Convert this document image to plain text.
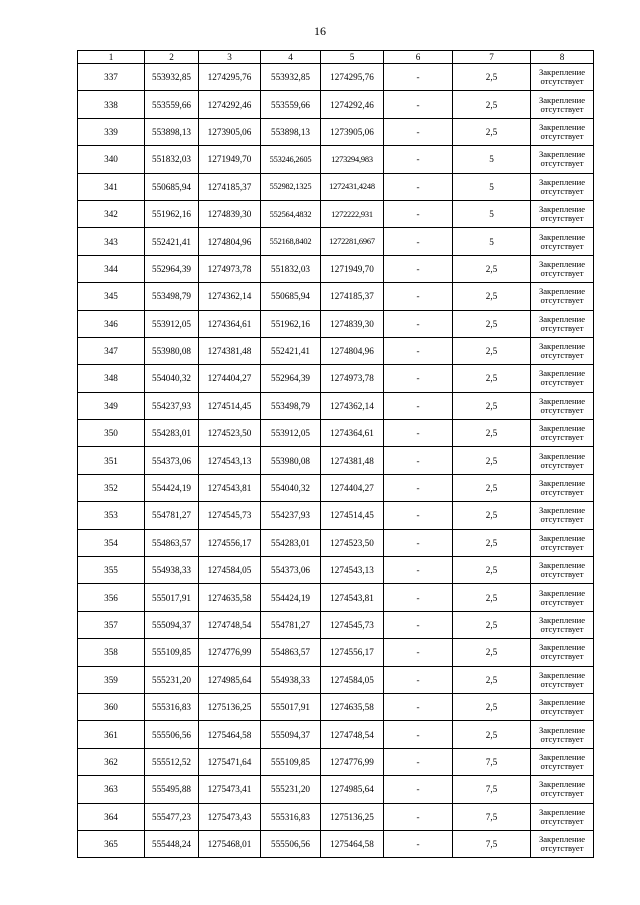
16
1	2	3	4	5	6	7	8
337	553932,85	1274295,76	553932,85	1274295,76	-	2,5	Закрепление отсутствует
338	553559,66	1274292,46	553559,66	1274292,46	-	2,5	Закрепление отсутствует
339	553898,13	1273905,06	553898,13	1273905,06	-	2,5	Закрепление отсутствует
340	551832,03	1271949,70	553246,2605	1273294,983	-	5	Закрепление отсутствует
341	550685,94	1274185,37	552982,1325	1272431,4248	-	5	Закрепление отсутствует
342	551962,16	1274839,30	552564,4832	1272222,931	-	5	Закрепление отсутствует
343	552421,41	1274804,96	552168,8402	1272281,6967	-	5	Закрепление отсутствует
344	552964,39	1274973,78	551832,03	1271949,70	-	2,5	Закрепление отсутствует
345	553498,79	1274362,14	550685,94	1274185,37	-	2,5	Закрепление отсутствует
346	553912,05	1274364,61	551962,16	1274839,30	-	2,5	Закрепление отсутствует
347	553980,08	1274381,48	552421,41	1274804,96	-	2,5	Закрепление отсутствует
348	554040,32	1274404,27	552964,39	1274973,78	-	2,5	Закрепление отсутствует
349	554237,93	1274514,45	553498,79	1274362,14	-	2,5	Закрепление отсутствует
350	554283,01	1274523,50	553912,05	1274364,61	-	2,5	Закрепление отсутствует
351	554373,06	1274543,13	553980,08	1274381,48	-	2,5	Закрепление отсутствует
352	554424,19	1274543,81	554040,32	1274404,27	-	2,5	Закрепление отсутствует
353	554781,27	1274545,73	554237,93	1274514,45	-	2,5	Закрепление отсутствует
354	554863,57	1274556,17	554283,01	1274523,50	-	2,5	Закрепление отсутствует
355	554938,33	1274584,05	554373,06	1274543,13	-	2,5	Закрепление отсутствует
356	555017,91	1274635,58	554424,19	1274543,81	-	2,5	Закрепление отсутствует
357	555094,37	1274748,54	554781,27	1274545,73	-	2,5	Закрепление отсутствует
358	555109,85	1274776,99	554863,57	1274556,17	-	2,5	Закрепление отсутствует
359	555231,20	1274985,64	554938,33	1274584,05	-	2,5	Закрепление отсутствует
360	555316,83	1275136,25	555017,91	1274635,58	-	2,5	Закрепление отсутствует
361	555506,56	1275464,58	555094,37	1274748,54	-	2,5	Закрепление отсутствует
362	555512,52	1275471,64	555109,85	1274776,99	-	7,5	Закрепление отсутствует
363	555495,88	1275473,41	555231,20	1274985,64	-	7,5	Закрепление отсутствует
364	555477,23	1275473,43	555316,83	1275136,25	-	7,5	Закрепление отсутствует
365	555448,24	1275468,01	555506,56	1275464,58	-	7,5	Закрепление отсутствует
